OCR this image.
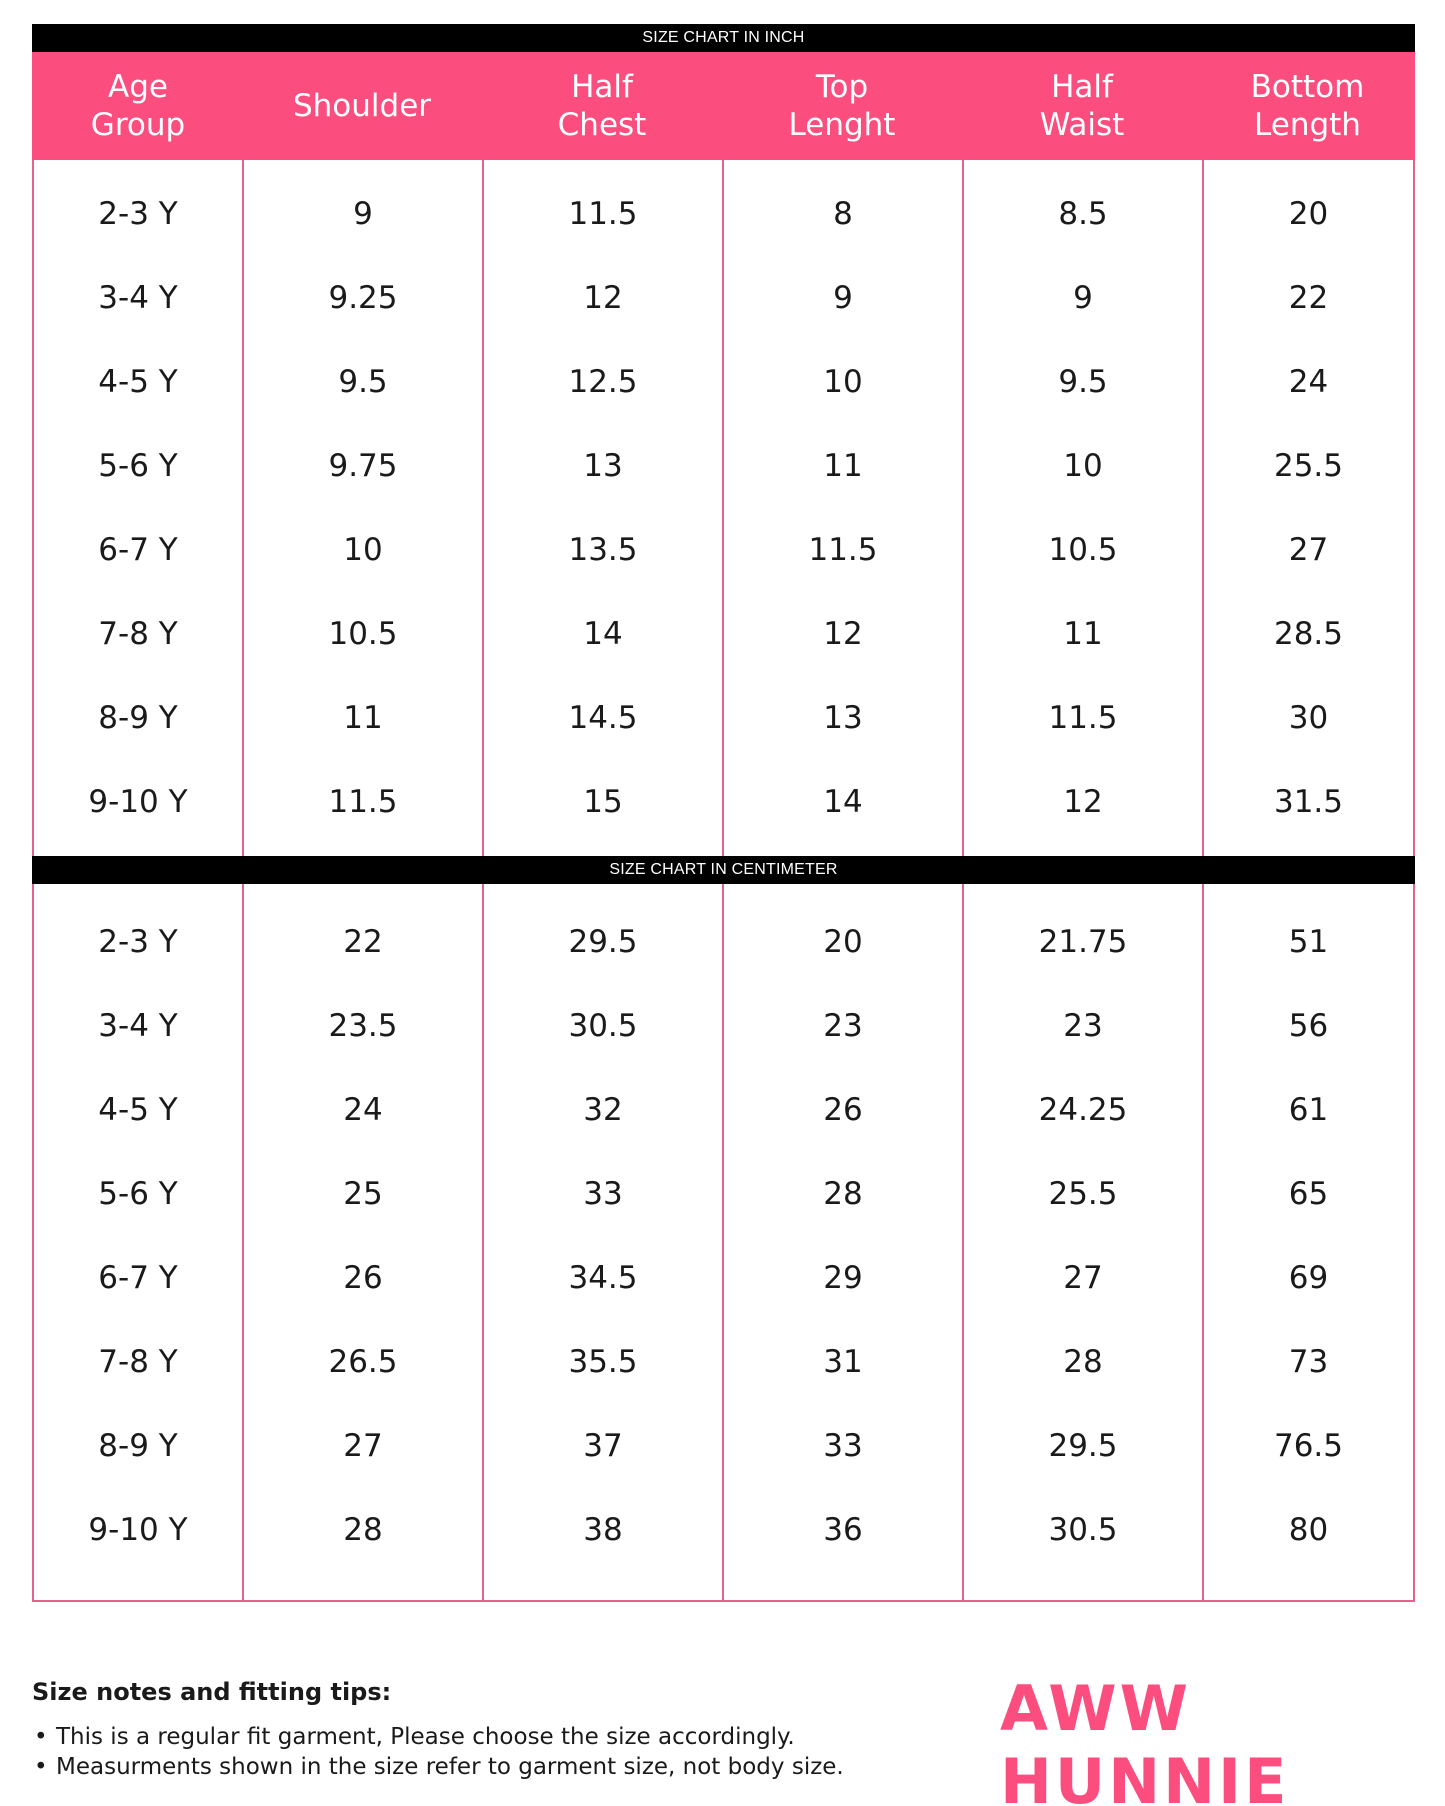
SIZE CHART IN INCH
Age
Group
Shoulder
Half
Chest
Top
Lenght
Half
Waist
Bottom
Length
2-3 Y
3-4 Y
4-5 Y
5-6 Y
6-7 Y
7-8 Y
8-9 Y
9-10 Y
9
9.25
9.5
9.75
10
10.5
11
11.5
11.5
12
12.5
13
13.5
14
14.5
15
8
9
10
11
11.5
12
13
14
8.5
9
9.5
10
10.5
11
11.5
12
20
22
24
25.5
27
28.5
30
31.5
SIZE CHART IN CENTIMETER
2-3 Y
3-4 Y
4-5 Y
5-6 Y
6-7 Y
7-8 Y
8-9 Y
9-10 Y
22
23.5
24
25
26
26.5
27
28
29.5
30.5
32
33
34.5
35.5
37
38
20
23
26
28
29
31
33
36
21.75
23
24.25
25.5
27
28
29.5
30.5
51
56
61
65
69
73
76.5
80
Size notes and fitting tips:
• This is a regular fit garment, Please choose the size accordingly.
• Measurments shown in the size refer to garment size, not body size.
AWW HUNNIE
